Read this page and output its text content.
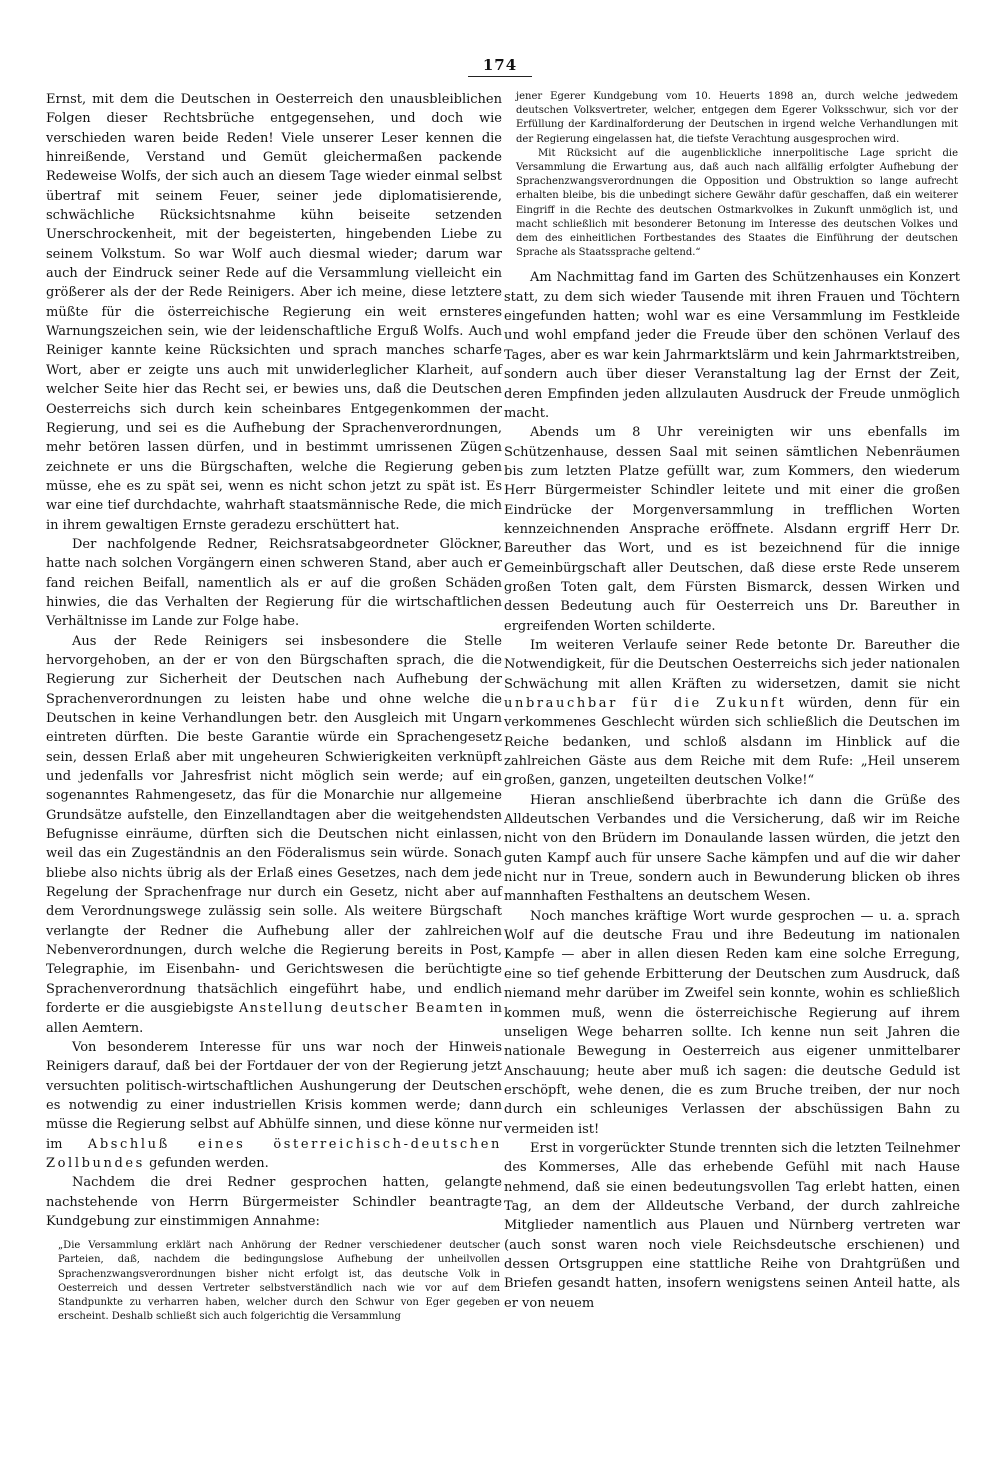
174

Ernst, mit dem die Deutschen in Oesterreich den unausbleiblichen Folgen dieser Rechtsbrüche entgegensehen, und doch wie verschieden waren beide Reden! Viele unserer Leser kennen die hinreißende, Verstand und Gemüt gleichermaßen packende Redeweise Wolfs, der sich auch an diesem Tage wieder einmal selbst übertraf mit seinem Feuer, seiner jede diplomatisierende, schwächliche Rücksichtsnahme kühn beiseite setzenden Unerschrockenheit, mit der begeisterten, hingebenden Liebe zu seinem Volkstum. So war Wolf auch diesmal wieder; darum war auch der Eindruck seiner Rede auf die Versammlung vielleicht ein größerer als der der Rede Reinigers. Aber ich meine, diese letztere müßte für die österreichische Regierung ein weit ernsteres Warnungszeichen sein, wie der leidenschaftliche Erguß Wolfs. Auch Reiniger kannte keine Rücksichten und sprach manches scharfe Wort, aber er zeigte uns auch mit unwiderleglicher Klarheit, auf welcher Seite hier das Recht sei, er bewies uns, daß die Deutschen Oesterreichs sich durch kein scheinbares Entgegenkommen der Regierung, und sei es die Aufhebung der Sprachenverordnungen, mehr betören lassen dürfen, und in bestimmt umrissenen Zügen zeichnete er uns die Bürgschaften, welche die Regierung geben müsse, ehe es zu spät sei, wenn es nicht schon jetzt zu spät ist. Es war eine tief durchdachte, wahrhaft staatsmännische Rede, die mich in ihrem gewaltigen Ernste geradezu erschüttert hat.

Der nachfolgende Redner, Reichsratsabgeordneter Glöckner, hatte nach solchen Vorgängern einen schweren Stand, aber auch er fand reichen Beifall, namentlich als er auf die großen Schäden hinwies, die das Verhalten der Regierung für die wirtschaftlichen Verhältnisse im Lande zur Folge habe.

Aus der Rede Reinigers sei insbesondere die Stelle hervorgehoben, an der er von den Bürgschaften sprach, die die Regierung zur Sicherheit der Deutschen nach Aufhebung der Sprachenverordnungen zu leisten habe und ohne welche die Deutschen in keine Verhandlungen betr. den Ausgleich mit Ungarn eintreten dürften. Die beste Garantie würde ein Sprachengesetz sein, dessen Erlaß aber mit ungeheuren Schwierigkeiten verknüpft und jedenfalls vor Jahresfrist nicht möglich sein werde; auf ein sogenanntes Rahmengesetz, das für die Monarchie nur allgemeine Grundsätze aufstelle, den Einzellandtagen aber die weitgehendsten Befugnisse einräume, dürften sich die Deutschen nicht einlassen, weil das ein Zugeständnis an den Föderalismus sein würde. Sonach bliebe also nichts übrig als der Erlaß eines Gesetzes, nach dem jede Regelung der Sprachenfrage nur durch ein Gesetz, nicht aber auf dem Verordnungswege zulässig sein solle. Als weitere Bürgschaft verlangte der Redner die Aufhebung aller der zahlreichen Nebenverordnungen, durch welche die Regierung bereits in Post, Telegraphie, im Eisenbahn- und Gerichtswesen die berüchtigte Sprachenverordnung thatsächlich eingeführt habe, und endlich forderte er die ausgiebigste Anstellung deutscher Beamten in allen Aemtern.

Von besonderem Interesse für uns war noch der Hinweis Reinigers darauf, daß bei der Fortdauer der von der Regierung jetzt versuchten politisch-wirtschaftlichen Aushungerung der Deutschen es notwendig zu einer industriellen Krisis kommen werde; dann müsse die Regierung selbst auf Abhülfe sinnen, und diese könne nur im Abschluß eines österreichisch-deutschen Zollbundes gefunden werden.

Nachdem die drei Redner gesprochen hatten, gelangte nachstehende von Herrn Bürgermeister Schindler beantragte Kundgebung zur einstimmigen Annahme:

„Die Versammlung erklärt nach Anhörung der Redner verschiedener deutscher Parteien, daß, nachdem die bedingungslose Aufhebung der unheilvollen Sprachenzwangsverordnungen bisher nicht erfolgt ist, das deutsche Volk in Oesterreich und dessen Vertreter selbstverständlich nach wie vor auf dem Standpunkte zu verharren haben, welcher durch den Schwur von Eger gegeben erscheint. Deshalb schließt sich auch folgerichtig die Versammlung

jener Egerer Kundgebung vom 10. Heuerts 1898 an, durch welche jedwedem deutschen Volksvertreter, welcher, entgegen dem Egerer Volksschwur, sich vor der Erfüllung der Kardinalforderung der Deutschen in irgend welche Verhandlungen mit der Regierung eingelassen hat, die tiefste Verachtung ausgesprochen wird.

Mit Rücksicht auf die augenblickliche innerpolitische Lage spricht die Versammlung die Erwartung aus, daß auch nach allfällig erfolgter Aufhebung der Sprachenzwangsverordnungen die Opposition und Obstruktion so lange aufrecht erhalten bleibe, bis die unbedingt sichere Gewähr dafür geschaffen, daß ein weiterer Eingriff in die Rechte des deutschen Ostmarkvolkes in Zukunft unmöglich ist, und macht schließlich mit besonderer Betonung im Interesse des deutschen Volkes und dem des einheitlichen Fortbestandes des Staates die Einführung der deutschen Sprache als Staatssprache geltend.“

Am Nachmittag fand im Garten des Schützenhauses ein Konzert statt, zu dem sich wieder Tausende mit ihren Frauen und Töchtern eingefunden hatten; wohl war es eine Versammlung im Festkleide und wohl empfand jeder die Freude über den schönen Verlauf des Tages, aber es war kein Jahrmarktslärm und kein Jahrmarktstreiben, sondern auch über dieser Veranstaltung lag der Ernst der Zeit, deren Empfinden jeden allzulauten Ausdruck der Freude unmöglich macht.

Abends um 8 Uhr vereinigten wir uns ebenfalls im Schützenhause, dessen Saal mit seinen sämtlichen Nebenräumen bis zum letzten Platze gefüllt war, zum Kommers, den wiederum Herr Bürgermeister Schindler leitete und mit einer die großen Eindrücke der Morgenversammlung in trefflichen Worten kennzeichnenden Ansprache eröffnete. Alsdann ergriff Herr Dr. Bareuther das Wort, und es ist bezeichnend für die innige Gemeinbürgschaft aller Deutschen, daß diese erste Rede unserem großen Toten galt, dem Fürsten Bismarck, dessen Wirken und dessen Bedeutung auch für Oesterreich uns Dr. Bareuther in ergreifenden Worten schilderte.

Im weiteren Verlaufe seiner Rede betonte Dr. Bareuther die Notwendigkeit, für die Deutschen Oesterreichs sich jeder nationalen Schwächung mit allen Kräften zu widersetzen, damit sie nicht unbrauchbar für die Zukunft würden, denn für ein verkommenes Geschlecht würden sich schließlich die Deutschen im Reiche bedanken, und schloß alsdann im Hinblick auf die zahlreichen Gäste aus dem Reiche mit dem Rufe: „Heil unserem großen, ganzen, ungeteilten deutschen Volke!“

Hieran anschließend überbrachte ich dann die Grüße des Alldeutschen Verbandes und die Versicherung, daß wir im Reiche nicht von den Brüdern im Donaulande lassen würden, die jetzt den guten Kampf auch für unsere Sache kämpfen und auf die wir daher nicht nur in Treue, sondern auch in Bewunderung blicken ob ihres mannhaften Festhaltens an deutschem Wesen.

Noch manches kräftige Wort wurde gesprochen — u. a. sprach Wolf auf die deutsche Frau und ihre Bedeutung im nationalen Kampfe — aber in allen diesen Reden kam eine solche Erregung, eine so tief gehende Erbitterung der Deutschen zum Ausdruck, daß niemand mehr darüber im Zweifel sein konnte, wohin es schließlich kommen muß, wenn die österreichische Regierung auf ihrem unseligen Wege beharren sollte. Ich kenne nun seit Jahren die nationale Bewegung in Oesterreich aus eigener unmittelbarer Anschauung; heute aber muß ich sagen: die deutsche Geduld ist erschöpft, wehe denen, die es zum Bruche treiben, der nur noch durch ein schleuniges Verlassen der abschüssigen Bahn zu vermeiden ist!

Erst in vorgerückter Stunde trennten sich die letzten Teilnehmer des Kommerses, Alle das erhebende Gefühl mit nach Hause nehmend, daß sie einen bedeutungsvollen Tag erlebt hatten, einen Tag, an dem der Alldeutsche Verband, der durch zahlreiche Mitglieder namentlich aus Plauen und Nürnberg vertreten war (auch sonst waren noch viele Reichsdeutsche erschienen) und dessen Ortsgruppen eine stattliche Reihe von Drahtgrüßen und Briefen gesandt hatten, insofern wenigstens seinen Anteil hatte, als er von neuem
